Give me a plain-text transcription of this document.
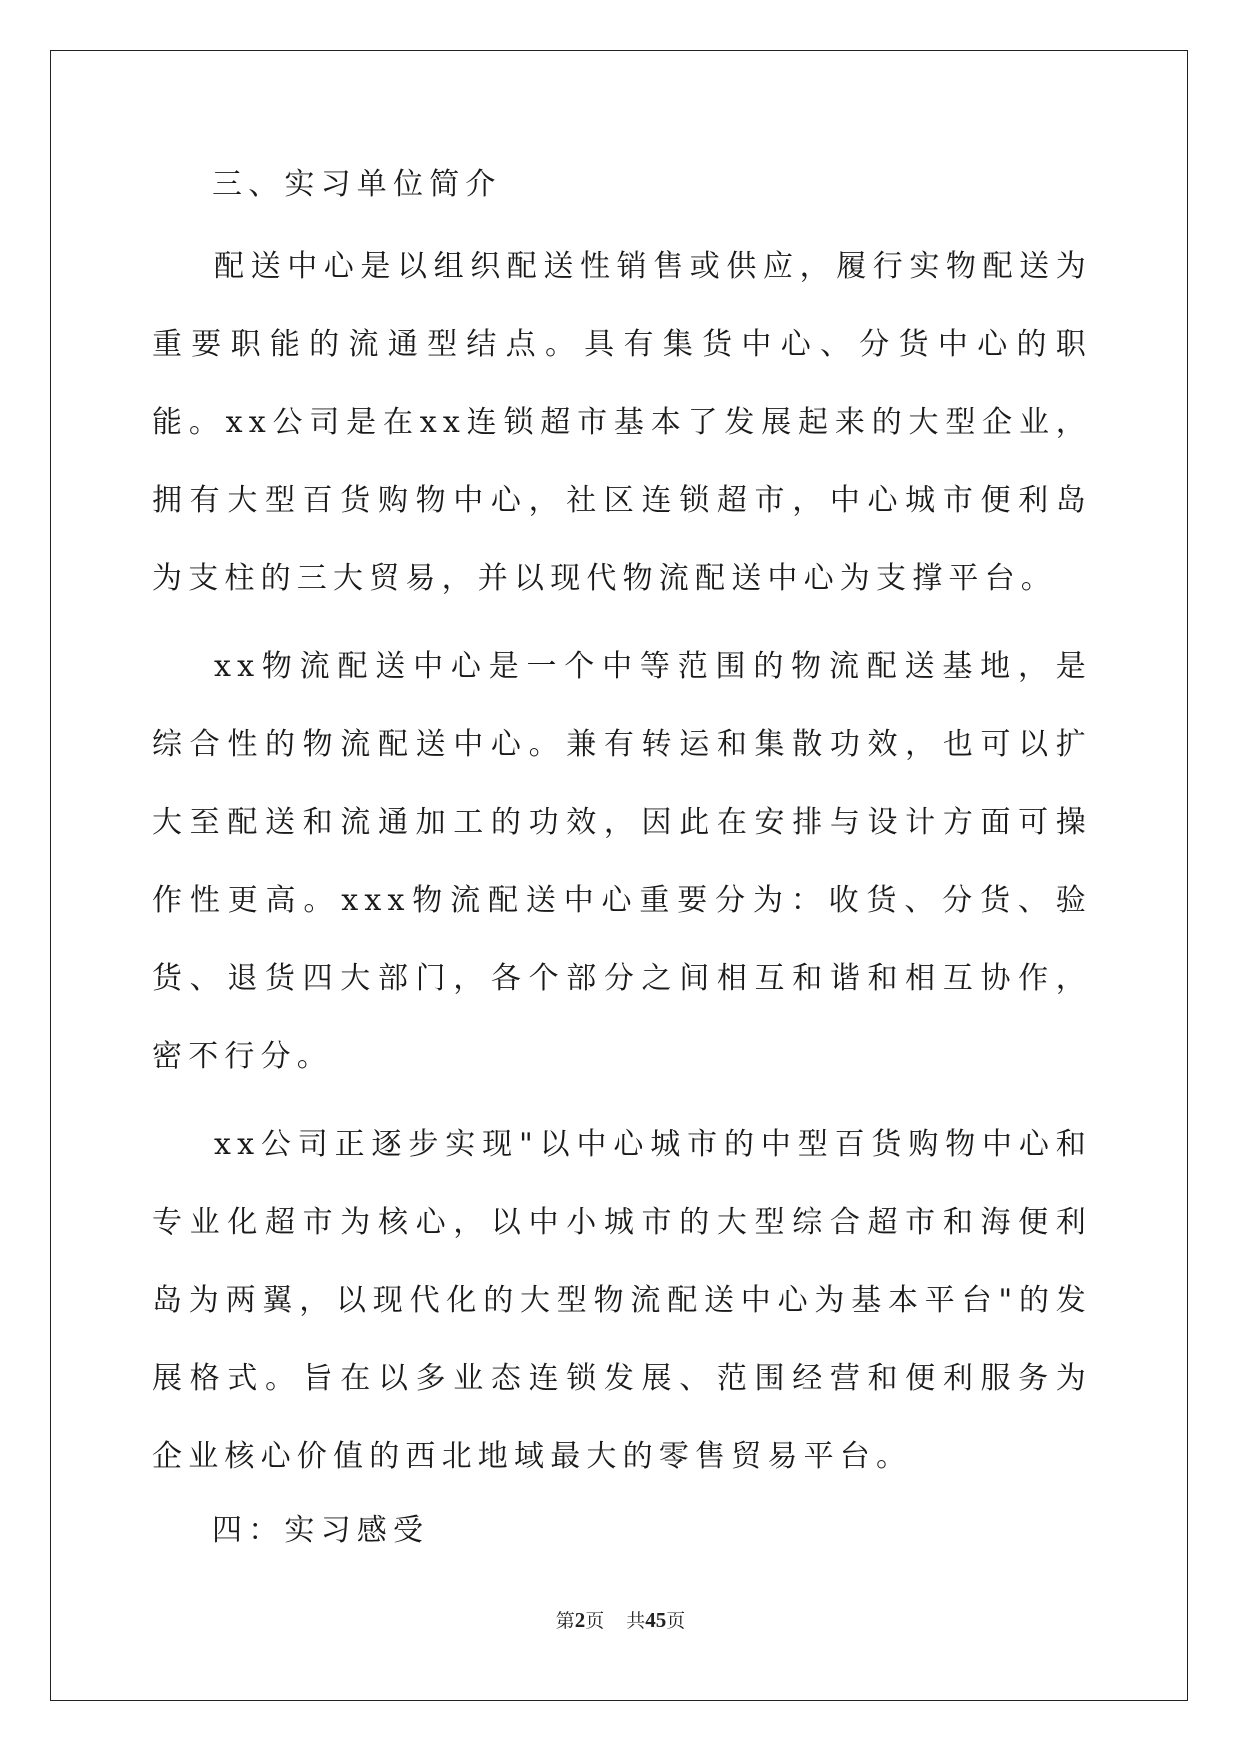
三、实习单位简介

配送中心是以组织配送性销售或供应，履行实物配送为重要职能的流通型结点。具有集货中心、分货中心的职能。xx公司是在xx连锁超市基本了发展起来的大型企业，拥有大型百货购物中心，社区连锁超市，中心城市便利岛为支柱的三大贸易，并以现代物流配送中心为支撑平台。

xx物流配送中心是一个中等范围的物流配送基地，是综合性的物流配送中心。兼有转运和集散功效，也可以扩大至配送和流通加工的功效，因此在安排与设计方面可操作性更高。xxx物流配送中心重要分为：收货、分货、验货、退货四大部门，各个部分之间相互和谐和相互协作，密不行分。

xx公司正逐步实现"以中心城市的中型百货购物中心和专业化超市为核心，以中小城市的大型综合超市和海便利岛为两翼，以现代化的大型物流配送中心为基本平台"的发展格式。旨在以多业态连锁发展、范围经营和便利服务为企业核心价值的西北地域最大的零售贸易平台。

四：实习感受

第2页 共45页
